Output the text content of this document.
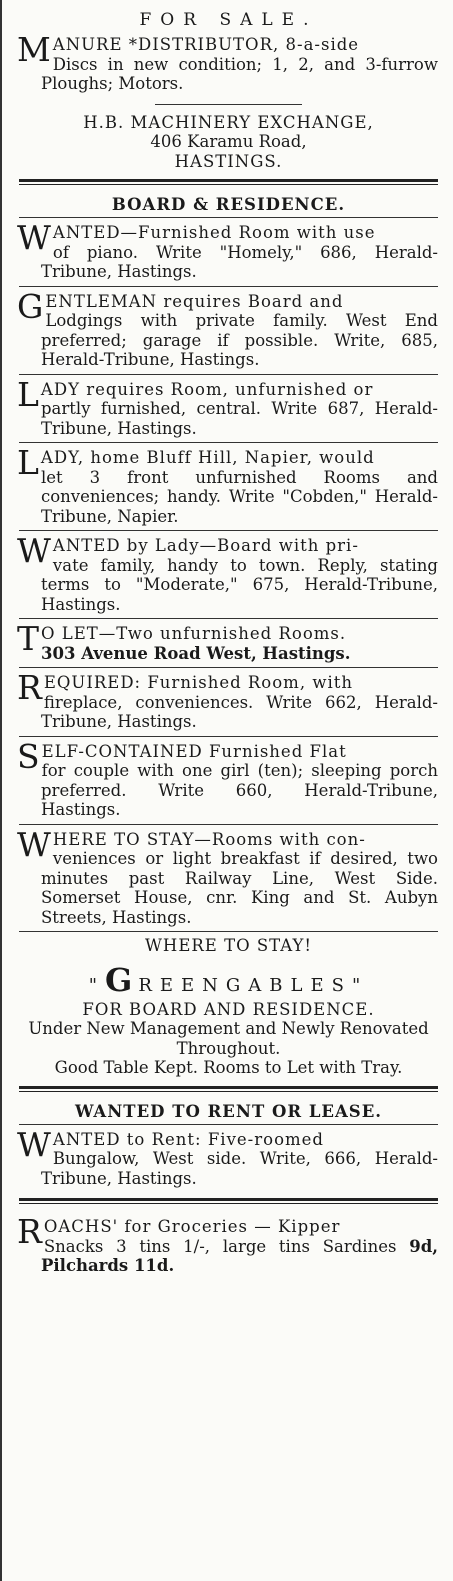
FOR SALE.
M ANURE *DISTRIBUTOR, 8-a-side
Discs in new condition; 1, 2, and 3-furrow Ploughs; Motors.
H.B. MACHINERY EXCHANGE,
406 Karamu Road,
HASTINGS.
BOARD & RESIDENCE.
W ANTED—Furnished Room with use
of piano. Write "Homely," 686, Herald-Tribune, Hastings.
G ENTLEMAN requires Board and
Lodgings with private family. West End preferred; garage if possible. Write, 685, Herald-Tribune, Hastings.
L ADY requires Room, unfurnished or
partly furnished, central. Write 687, Herald-Tribune, Hastings.
L ADY, home Bluff Hill, Napier, would
let 3 front unfurnished Rooms and conveniences; handy. Write "Cobden," Herald-Tribune, Napier.
W ANTED by Lady—Board with pri-
vate family, handy to town. Reply, stating terms to "Moderate," 675, Herald-Tribune, Hastings.
T O LET—Two unfurnished Rooms.
303 Avenue Road West, Hastings.
R EQUIRED: Furnished Room, with
fireplace, conveniences. Write 662, Herald-Tribune, Hastings.
S ELF-CONTAINED Furnished Flat
for couple with one girl (ten); sleeping porch preferred. Write 660, Herald-Tribune, Hastings.
W HERE TO STAY—Rooms with con-
veniences or light breakfast if desired, two minutes past Railway Line, West Side. Somerset House, cnr. King and St. Aubyn Streets, Hastings.
WHERE TO STAY!
"GREENGABLES"
FOR BOARD AND RESIDENCE.
Under New Management and Newly Renovated Throughout.
Good Table Kept. Rooms to Let with Tray.
WANTED TO RENT OR LEASE.
W ANTED to Rent: Five-roomed
Bungalow, West side. Write, 666, Herald-Tribune, Hastings.
R OACHS' for Groceries — Kipper
Snacks 3 tins 1/-, large tins Sardines 9d, Pilchards 11d.
